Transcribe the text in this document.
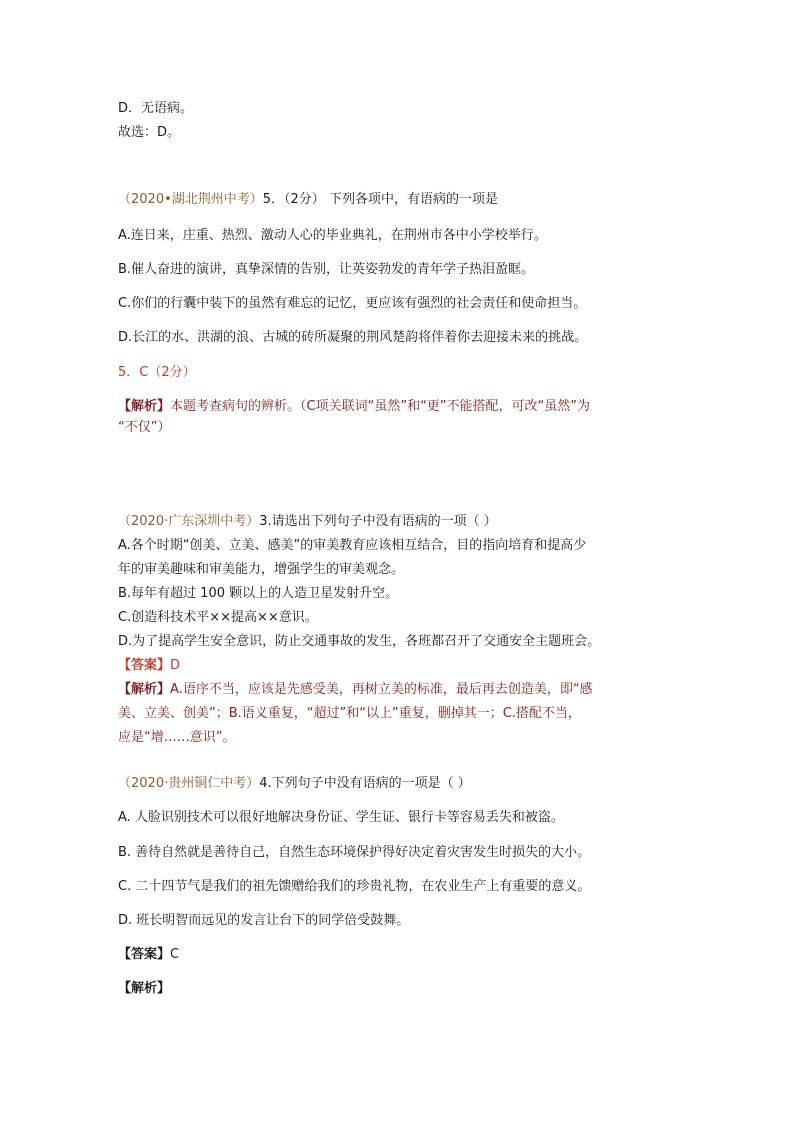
D．无语病。
故选：D。
（2020•湖北荆州中考）5．（2分） 下列各项中，有语病的一项是
A.连日来，庄重、热烈、激动人心的毕业典礼，在荆州市各中小学校举行。
B.催人奋进的演讲，真挚深情的告别，让英姿勃发的青年学子热泪盈眶。
C.你们的行囊中装下的虽然有难忘的记忆，更应该有强烈的社会责任和使命担当。
D.长江的水、洪湖的浪、古城的砖所凝聚的荆风楚韵将伴着你去迎接未来的挑战。
5．C（2分）
【解析】本题考查病句的辨析。（C项关联词“虽然”和“更”不能搭配，可改“虽然”为
“不仅”）
（2020·广东深圳中考）3.请选出下列句子中没有语病的一项（ ）
A.各个时期“创美、立美、感美”的审美教育应该相互结合，目的指向培育和提高少
年的审美趣味和审美能力，增强学生的审美观念。
B.每年有超过 100 颗以上的人造卫星发射升空。
C.创造科技术平××提高××意识。
D.为了提高学生安全意识，防止交通事故的发生，各班都召开了交通安全主题班会。
【答案】D
【解析】A.语序不当，应该是先感受美，再树立美的标准，最后再去创造美，即“感
美、立美、创美”；B.语义重复，“超过”和“以上”重复，删掉其一；C.搭配不当，
应是“增……意识”。
（2020·贵州铜仁中考）4.下列句子中没有语病的一项是（ ）
A. 人脸识别技术可以很好地解决身份证、学生证、银行卡等容易丢失和被盗。
B. 善待自然就是善待自己，自然生态环境保护得好决定着灾害发生时损失的大小。
C. 二十四节气是我们的祖先馈赠给我们的珍贵礼物，在农业生产上有重要的意义。
D. 班长明智而远见的发言让台下的同学倍受鼓舞。
【答案】C
【解析】
